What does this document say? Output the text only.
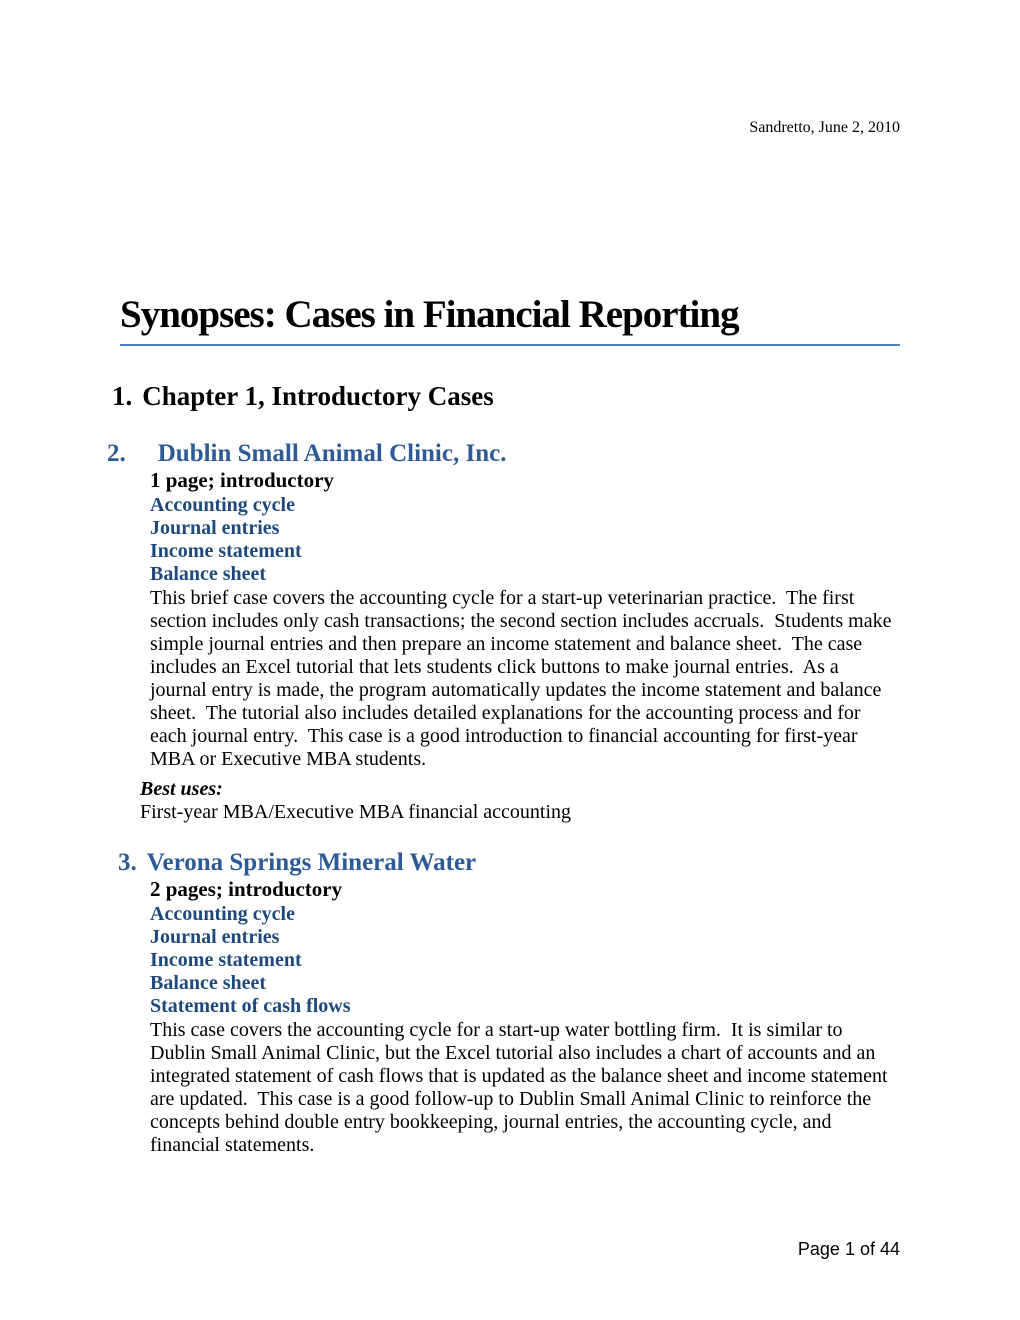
Sandretto, June 2, 2010
Synopses: Cases in Financial Reporting
1. Chapter 1, Introductory Cases
2. Dublin Small Animal Clinic, Inc.
1 page; introductory
Accounting cycle
Journal entries
Income statement
Balance sheet
This brief case covers the accounting cycle for a start-up veterinarian practice.  The first section includes only cash transactions; the second section includes accruals.  Students make simple journal entries and then prepare an income statement and balance sheet.  The case includes an Excel tutorial that lets students click buttons to make journal entries.  As a journal entry is made, the program automatically updates the income statement and balance sheet.  The tutorial also includes detailed explanations for the accounting process and for each journal entry.  This case is a good introduction to financial accounting for first-year MBA or Executive MBA students.
Best uses:
First-year MBA/Executive MBA financial accounting
3. Verona Springs Mineral Water
2 pages; introductory
Accounting cycle
Journal entries
Income statement
Balance sheet
Statement of cash flows
This case covers the accounting cycle for a start-up water bottling firm.  It is similar to Dublin Small Animal Clinic, but the Excel tutorial also includes a chart of accounts and an integrated statement of cash flows that is updated as the balance sheet and income statement are updated.  This case is a good follow-up to Dublin Small Animal Clinic to reinforce the concepts behind double entry bookkeeping, journal entries, the accounting cycle, and financial statements.
Page 1 of 44
